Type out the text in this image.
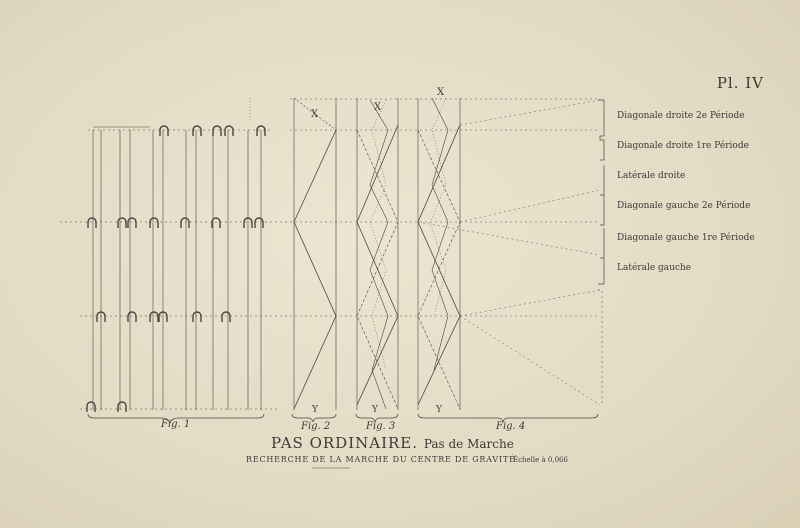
Pl. IV
X
X
X
Y	Y	Y
Fig. 1	Fig. 2	Fig. 3	Fig. 4
Diagonale droite 2e Période
Diagonale droite 1re Période
Latérale droite
Diagonale gauche 2e Période
Diagonale gauche 1re Période
Latérale gauche
PAS ORDINAIRE. Pas de Marche
RECHERCHE DE LA MARCHE DU CENTRE DE GRAVITÉ
Échelle à 0,066
